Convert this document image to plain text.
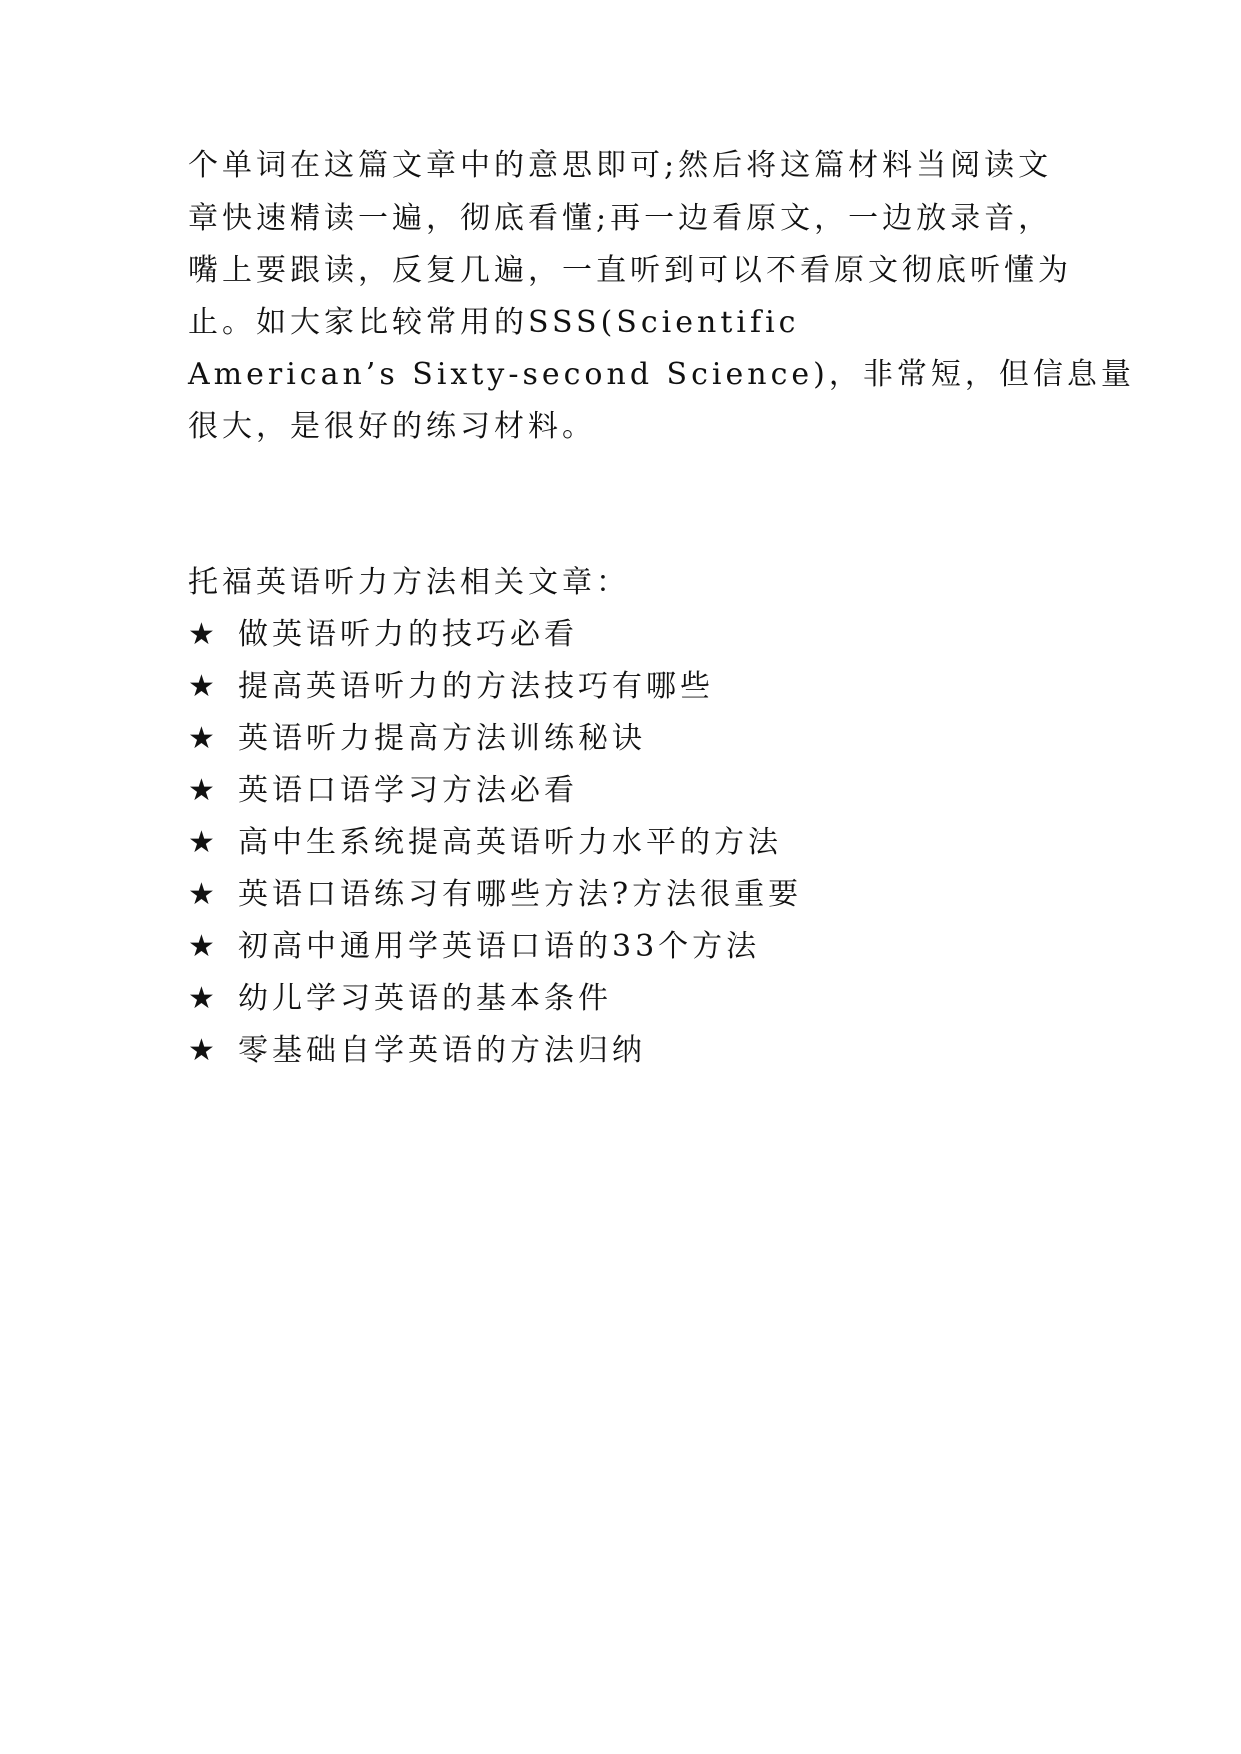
个单词在这篇文章中的意思即可;然后将这篇材料当阅读文
章快速精读一遍，彻底看懂;再一边看原文，一边放录音，
嘴上要跟读，反复几遍，一直听到可以不看原文彻底听懂为
止。如大家比较常用的SSS(Scientific
American’s Sixty-second Science)，非常短，但信息量
很大，是很好的练习材料。
托福英语听力方法相关文章：
★ 做英语听力的技巧必看
★ 提高英语听力的方法技巧有哪些
★ 英语听力提高方法训练秘诀
★ 英语口语学习方法必看
★ 高中生系统提高英语听力水平的方法
★ 英语口语练习有哪些方法?方法很重要
★ 初高中通用学英语口语的33个方法
★ 幼儿学习英语的基本条件
★ 零基础自学英语的方法归纳
